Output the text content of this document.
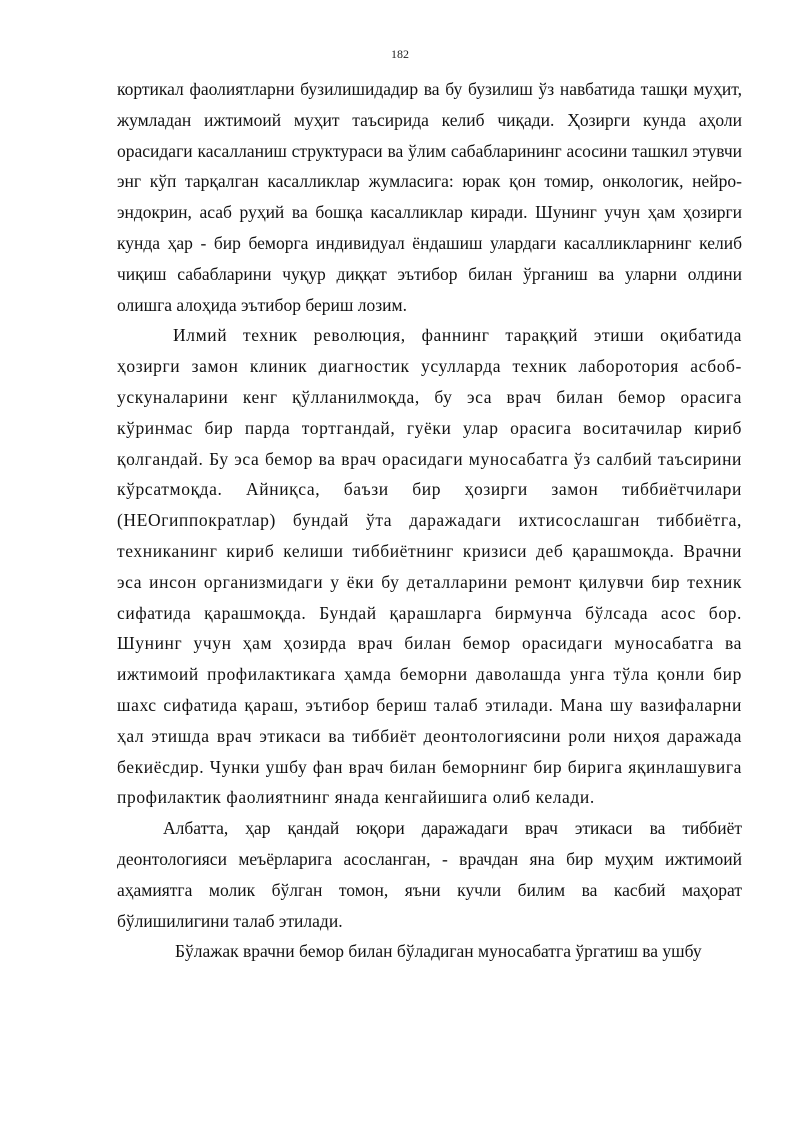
182

кортикал фаолиятларни бузилишидадир ва бу бузилиш ўз навбатида ташқи муҳит, жумладан ижтимоий муҳит таъсирида келиб чиқади. Ҳозирги кунда аҳоли орасидаги касалланиш структураси ва ўлим сабабларининг асосини ташкил этувчи энг кўп тарқалган касалликлар жумласига: юрак қон томир, онкологик, нейро-эндокрин, асаб руҳий ва бошқа касалликлар киради. Шунинг учун ҳам ҳозирги кунда ҳар - бир беморга индивидуал ёндашиш улардаги касалликларнинг келиб чиқиш сабабларини чуқур диққат эътибор билан ўрганиш ва уларни олдини олишга алоҳида эътибор бериш лозим.

Илмий техник революция, фаннинг тараққий этиши оқибатида ҳозирги замон клиник диагностик усулларда техник лаборотория асбоб-ускуналарини кенг қўлланилмоқда, бу эса врач билан бемор орасига кўринмас бир парда тортгандай, гуёки улар орасига воситачилар кириб қолгандай. Бу эса бемор ва врач орасидаги муносабатга ўз салбий таъсирини кўрсатмоқда. Айниқса, баъзи бир ҳозирги замон тиббиётчилари (НЕОгиппократлар) бундай ўта даражадаги ихтисослашган тиббиётга, техниканинг кириб келиши тиббиётнинг кризиси деб қарашмоқда. Врачни эса инсон организмидаги у ёки бу деталларини ремонт қилувчи бир техник сифатида қарашмоқда. Бундай қарашларга бирмунча бўлсада асос бор. Шунинг учун ҳам ҳозирда врач билан бемор орасидаги муносабатга ва ижтимоий профилактикага ҳамда беморни даволашда унга тўла қонли бир шахс сифатида қараш, эътибор бериш талаб этилади. Мана шу вазифаларни ҳал этишда врач этикаси ва тиббиёт деонтологиясини роли ниҳоя даражада бекиёсдир. Чунки ушбу фан врач билан беморнинг бир бирига яқинлашувига профилактик фаолиятнинг янада кенгайишига олиб келади.

Албатта, ҳар қандай юқори даражадаги врач этикаси ва тиббиёт деонтологияси меъёрларига асосланган, - врачдан яна бир муҳим ижтимоий аҳамиятга молик бўлган томон, яъни кучли билим ва касбий маҳорат бўлишилигини талаб этилади.

Бўлажак врачни бемор билан бўладиган муносабатга ўргатиш ва ушбу
